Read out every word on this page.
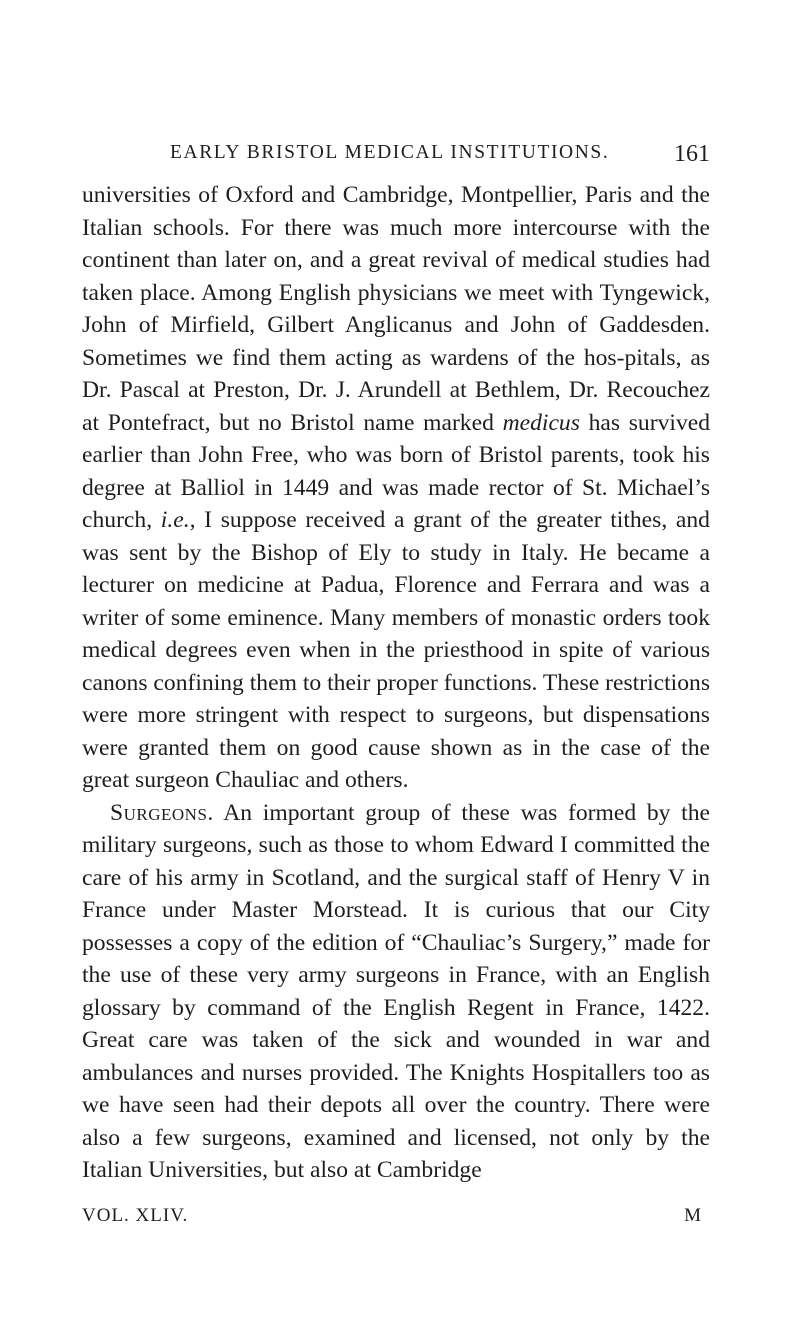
EARLY BRISTOL MEDICAL INSTITUTIONS.	161

universities of Oxford and Cambridge, Montpellier, Paris and the Italian schools. For there was much more intercourse with the continent than later on, and a great revival of medical studies had taken place. Among English physicians we meet with Tyngewick, John of Mirfield, Gilbert Anglicanus and John of Gaddesden. Sometimes we find them acting as wardens of the hos-pitals, as Dr. Pascal at Preston, Dr. J. Arundell at Bethlem, Dr. Recouchez at Pontefract, but no Bristol name marked medicus has survived earlier than John Free, who was born of Bristol parents, took his degree at Balliol in 1449 and was made rector of St. Michael’s church, i.e., I suppose received a grant of the greater tithes, and was sent by the Bishop of Ely to study in Italy. He became a lecturer on medicine at Padua, Florence and Ferrara and was a writer of some eminence. Many members of monastic orders took medical degrees even when in the priesthood in spite of various canons confining them to their proper functions. These restrictions were more stringent with respect to surgeons, but dispensations were granted them on good cause shown as in the case of the great surgeon Chauliac and others.

Surgeons. An important group of these was formed by the military surgeons, such as those to whom Edward I committed the care of his army in Scotland, and the surgical staff of Henry V in France under Master Morstead. It is curious that our City possesses a copy of the edition of “Chauliac’s Surgery,” made for the use of these very army surgeons in France, with an English glossary by command of the English Regent in France, 1422. Great care was taken of the sick and wounded in war and ambulances and nurses provided. The Knights Hospitallers too as we have seen had their depots all over the country. There were also a few surgeons, examined and licensed, not only by the Italian Universities, but also at Cambridge

VOL. XLIV.	M
